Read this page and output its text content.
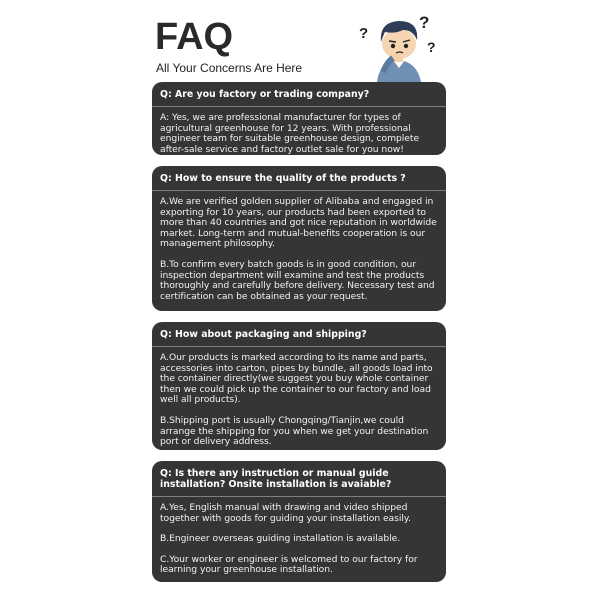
FAQ
All Your Concerns Are Here
?
?
?
Q: Are you factory or trading company?

A: Yes, we are professional manufacturer for types of agricultural greenhouse for 12 years. With professional engineer team for suitable greenhouse design, complete after-sale service and factory outlet sale for you now!

Q: How to ensure the quality of the products ?

A.We are verified golden supplier of Alibaba and engaged in exporting for 10 years, our products had been exported to more than 40 countries and got nice reputation in worldwide market. Long-term and mutual-benefits cooperation is our management philosophy.

B.To confirm every batch goods is in good condition, our inspection department will examine and test the products thoroughly and carefully before delivery. Necessary test and certification can be obtained as your request.

Q: How about packaging and shipping?

A.Our products is marked according to its name and parts, accessories into carton, pipes by bundle, all goods load into the container directly(we suggest you buy whole container then we could pick up the container to our factory and load well all products).

B.Shipping port is usually Chongqing/Tianjin,we could arrange the shipping for you when we get your destination port or delivery address.

Q: Is there any instruction or manual guide installation? Onsite installation is avaiable?

A.Yes, English manual with drawing and video shipped together with goods for guiding your installation easily.

B.Engineer overseas guiding installation is available.

C.Your worker or engineer is welcomed to our factory for learning your greenhouse installation.
